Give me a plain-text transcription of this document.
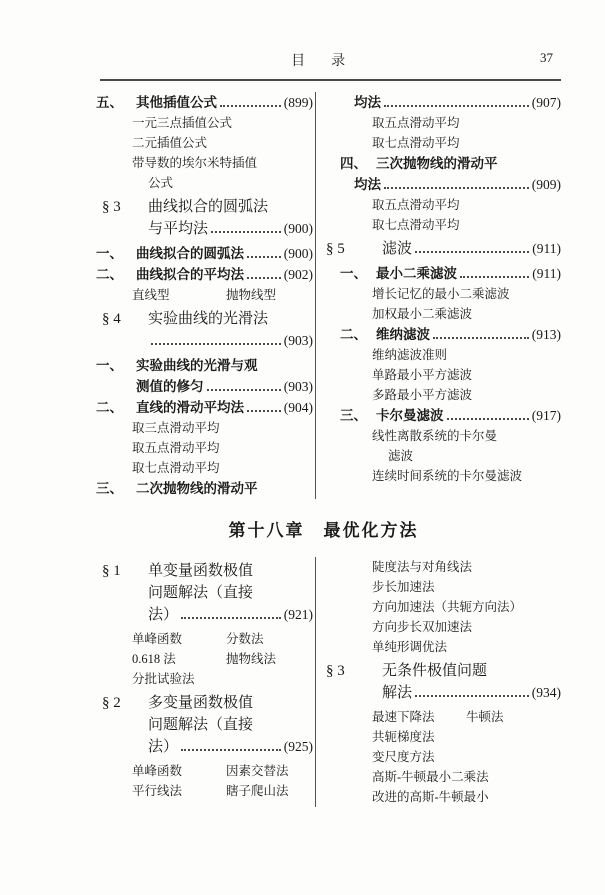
目　录	37
五、 其他插值公式	(899)
一元三点插值公式
二元插值公式
带导数的埃尔米特插值
公式
§ 3	曲线拟合的圆弧法
与平均法	(900)
一、 曲线拟合的圆弧法	(900)
二、 曲线拟合的平均法	(902)
直线型	抛物线型
§ 4	实验曲线的光滑法
(903)
一、 实验曲线的光滑与观
测值的修匀	(903)
二、 直线的滑动平均法	(904)
取三点滑动平均
取五点滑动平均
取七点滑动平均
三、 二次抛物线的滑动平
均法	(907)
取五点滑动平均
取七点滑动平均
四、 三次抛物线的滑动平
均法	(909)
取五点滑动平均
取七点滑动平均
§ 5	滤波	(911)
一、 最小二乘滤波	(911)
增长记忆的最小二乘滤波
加权最小二乘滤波
二、 维纳滤波	(913)
维纳滤波准则
单路最小平方滤波
多路最小平方滤波
三、 卡尔曼滤波	(917)
线性离散系统的卡尔曼
滤波
连续时间系统的卡尔曼滤波
第十八章　最优化方法
§ 1	单变量函数极值
问题解法（直接
法）	(921)
单峰函数	分数法
0.618 法	抛物线法
分批试验法
§ 2	多变量函数极值
问题解法（直接
法）	(925)
单峰函数	因素交替法
平行线法	瞎子爬山法
陡度法与对角线法
步长加速法
方向加速法（共轭方向法）
方向步长双加速法
单纯形调优法
§ 3	无条件极值问题
解法	(934)
最速下降法	牛顿法
共轭梯度法
变尺度方法
高斯-牛顿最小二乘法
改进的高斯-牛顿最小
